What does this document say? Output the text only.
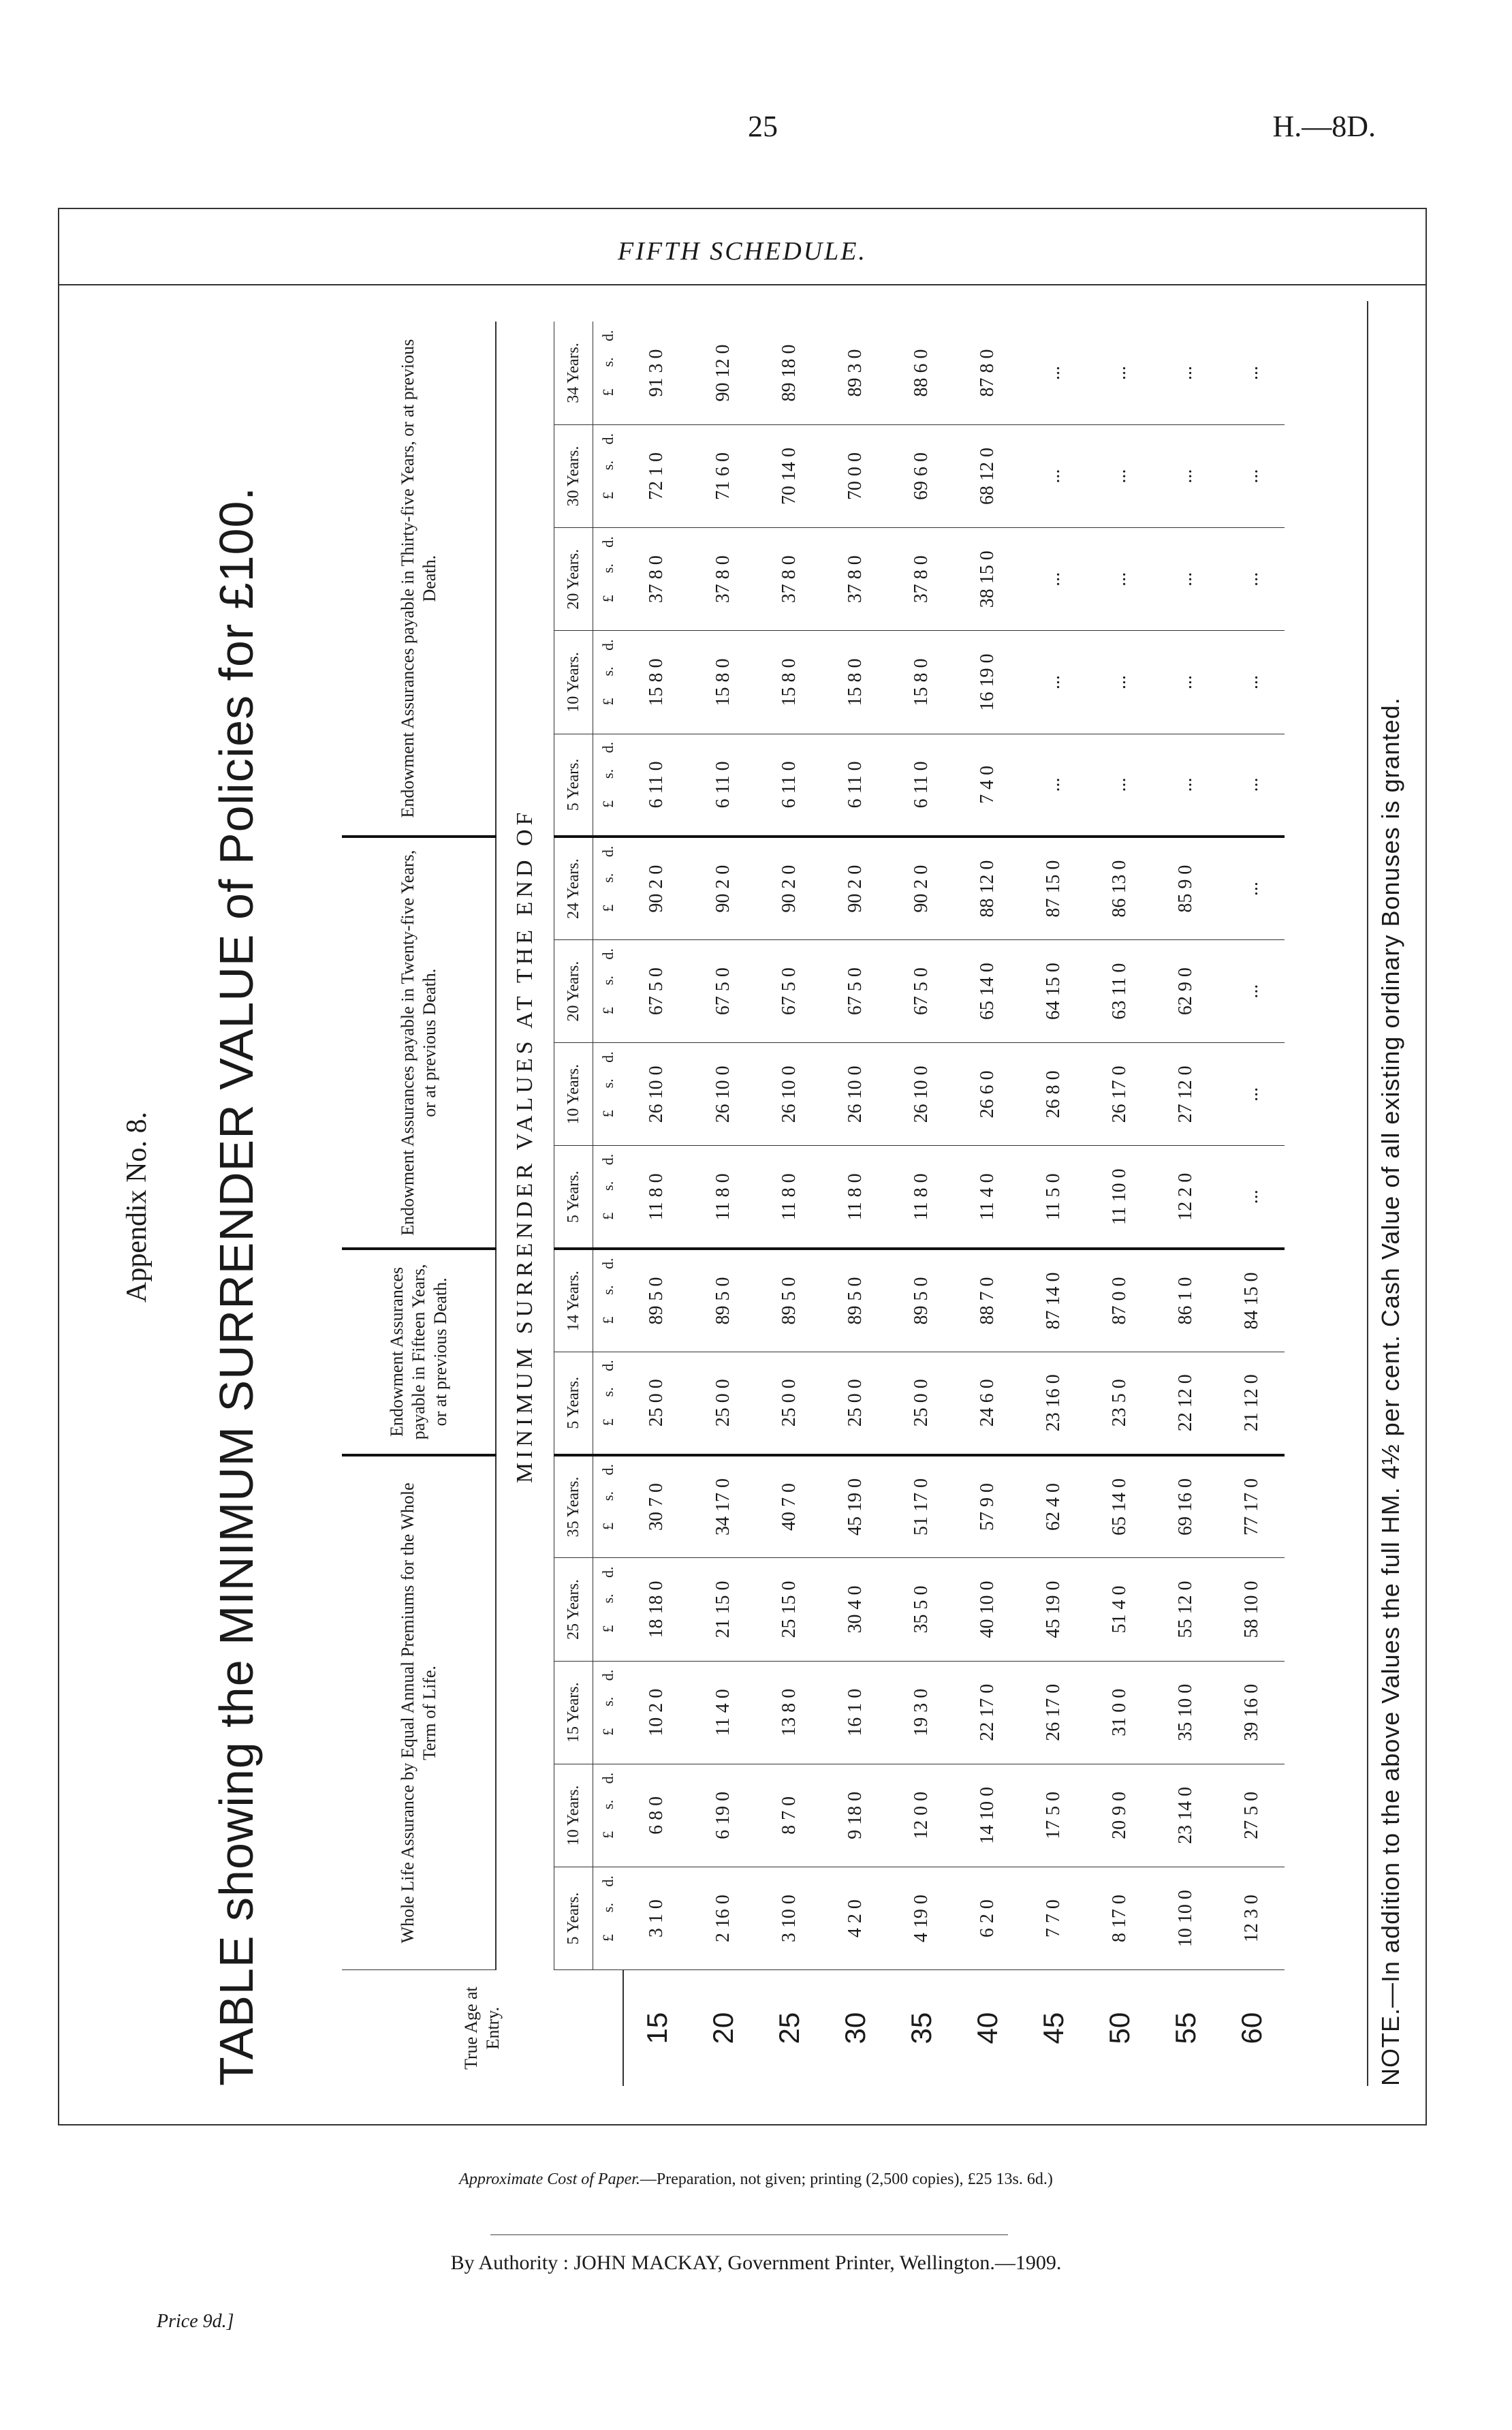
25	H.—8D.
FIFTH SCHEDULE.
Appendix No. 8. TABLE showing the MINIMUM SURRENDER VALUE of Policies for £100.	True Age at Entry.	Whole Life Assurance by Equal Annual Premiums for the Whole Term of Life.					Endowment Assurances payable in Fifteen Years, or at previous Death.		Endowment Assurances payable in Twenty-five Years, or at previous Death.				Endowment Assurances payable in Thirty-five Years, or at previous Death.				
	MINIMUM SURRENDER VALUES AT THE END OF															
	5 Years.	10 Years.	15 Years.	25 Years.	35 Years.	5 Years.	14 Years.	5 Years.	10 Years.	20 Years.	24 Years.	5 Years.	10 Years.	20 Years.	30 Years.	34 Years.
	£s.d.	£s.d.	£s.d.	£s.d.	£s.d.	£s.d.	£s.d.	£s.d.	£s.d.	£s.d.	£s.d.	£s.d.	£s.d.	£s.d.	£s.d.	£s.d.
15	3 1 0	6 8 0	10 2 0	18 18 0	30 7 0	25 0 0	89 5 0	11 8 0	26 10 0	67 5 0	90 2 0	6 11 0	15 8 0	37 8 0	72 1 0	91 3 0
20	2 16 0	6 19 0	11 4 0	21 15 0	34 17 0	25 0 0	89 5 0	11 8 0	26 10 0	67 5 0	90 2 0	6 11 0	15 8 0	37 8 0	71 6 0	90 12 0
25	3 10 0	8 7 0	13 8 0	25 15 0	40 7 0	25 0 0	89 5 0	11 8 0	26 10 0	67 5 0	90 2 0	6 11 0	15 8 0	37 8 0	70 14 0	89 18 0
30	4 2 0	9 18 0	16 1 0	30 4 0	45 19 0	25 0 0	89 5 0	11 8 0	26 10 0	67 5 0	90 2 0	6 11 0	15 8 0	37 8 0	70 0 0	89 3 0
35	4 19 0	12 0 0	19 3 0	35 5 0	51 17 0	25 0 0	89 5 0	11 8 0	26 10 0	67 5 0	90 2 0	6 11 0	15 8 0	37 8 0	69 6 0	88 6 0
40	6 2 0	14 10 0	22 17 0	40 10 0	57 9 0	24 6 0	88 7 0	11 4 0	26 6 0	65 14 0	88 12 0	7 4 0	16 19 0	38 15 0	68 12 0	87 8 0
45	7 7 0	17 5 0	26 17 0	45 19 0	62 4 0	23 16 0	87 14 0	11 5 0	26 8 0	64 15 0	87 15 0	...	...	...	...	...
50	8 17 0	20 9 0	31 0 0	51 4 0	65 14 0	23 5 0	87 0 0	11 10 0	26 17 0	63 11 0	86 13 0	...	...	...	...	...
55	10 10 0	23 14 0	35 10 0	55 12 0	69 16 0	22 12 0	86 1 0	12 2 0	27 12 0	62 9 0	85 9 0	...	...	...	...	...
60	12 3 0	27 5 0	39 16 0	58 10 0	77 17 0	21 12 0	84 15 0	...	...	...	...	...	...	...	...	...
NOTE.—In addition to the above Values the full HM. 4½ per cent. Cash Value of all existing ordinary Bonuses is granted.
Approximate Cost of Paper.—Preparation, not given; printing (2,500 copies), £25 13s. 6d.)
By Authority : JOHN MACKAY, Government Printer, Wellington.—1909.
Price 9d.]
